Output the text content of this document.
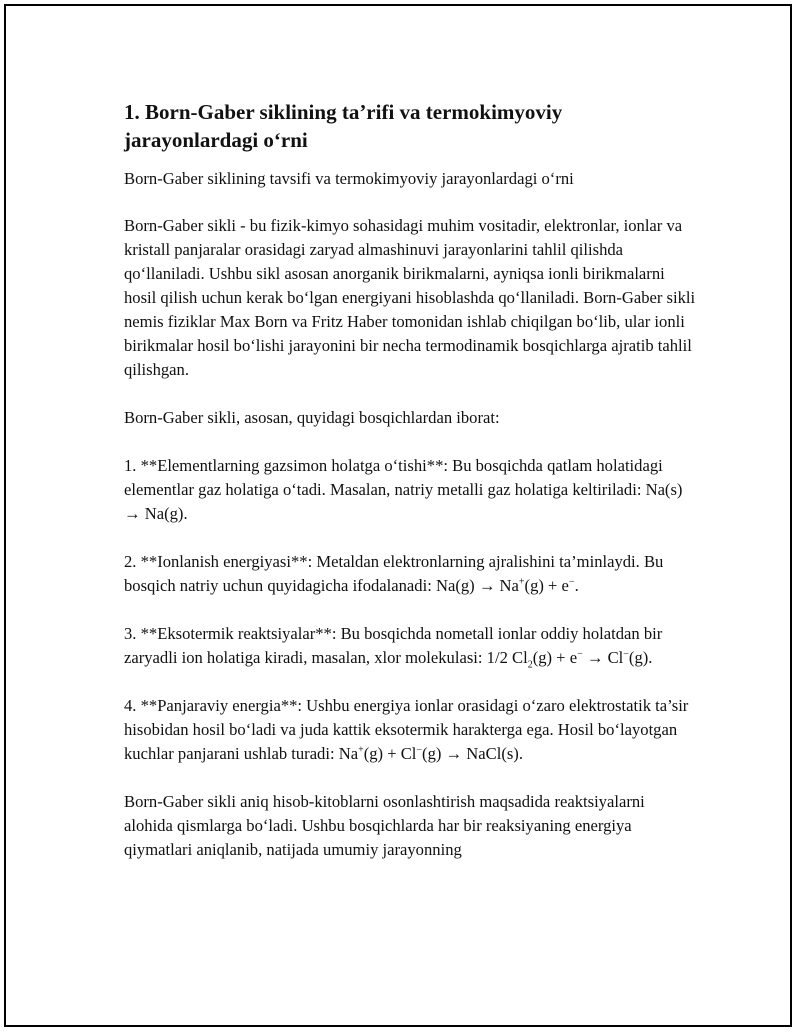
1. Born-Gaber siklining ta’rifi va termokimyoviy jarayonlardagi o‘rni

Born-Gaber siklining tavsifi va termokimyoviy jarayonlardagi o‘rni

Born-Gaber sikli - bu fizik-kimyo sohasidagi muhim vositadir, elektronlar, ionlar va kristall panjaralar orasidagi zaryad almashinuvi jarayonlarini tahlil qilishda qo‘llaniladi. Ushbu sikl asosan anorganik birikmalarni, ayniqsa ionli birikmalarni hosil qilish uchun kerak bo‘lgan energiyani hisoblashda qo‘llaniladi. Born-Gaber sikli nemis fiziklar Max Born va Fritz Haber tomonidan ishlab chiqilgan bo‘lib, ular ionli birikmalar hosil bo‘lishi jarayonini bir necha termodinamik bosqichlarga ajratib tahlil qilishgan.

Born-Gaber sikli, asosan, quyidagi bosqichlardan iborat:

1. **Elementlarning gazsimon holatga o‘tishi**: Bu bosqichda qatlam holatidagi elementlar gaz holatiga o‘tadi. Masalan, natriy metalli gaz holatiga keltiriladi: Na(s) → Na(g).

2. **Ionlanish energiyasi**: Metaldan elektronlarning ajralishini ta’minlaydi. Bu bosqich natriy uchun quyidagicha ifodalanadi: Na(g) → Na+(g) + e−.

3. **Eksotermik reaktsiyalar**: Bu bosqichda nometall ionlar oddiy holatdan bir zaryadli ion holatiga kiradi, masalan, xlor molekulasi: 1/2 $Cl_2(g) + e^- \to Cl^-(g)$.

4. **Panjaraviy energia**: Ushbu energiya ionlar orasidagi o‘zaro elektrostatik ta’sir hisobidan hosil bo‘ladi va juda kattik eksotermik harakterga ega. Hosil bo‘layotgan kuchlar panjarani ushlab turadi: Na+(g) + Cl−(g) → NaCl(s).

Born-Gaber sikli aniq hisob-kitoblarni osonlashtirish maqsadida reaktsiyalarni alohida qismlarga bo‘ladi. Ushbu bosqichlarda har bir reaksiyaning energiya qiymatlari aniqlanib, natijada umumiy jarayonning
